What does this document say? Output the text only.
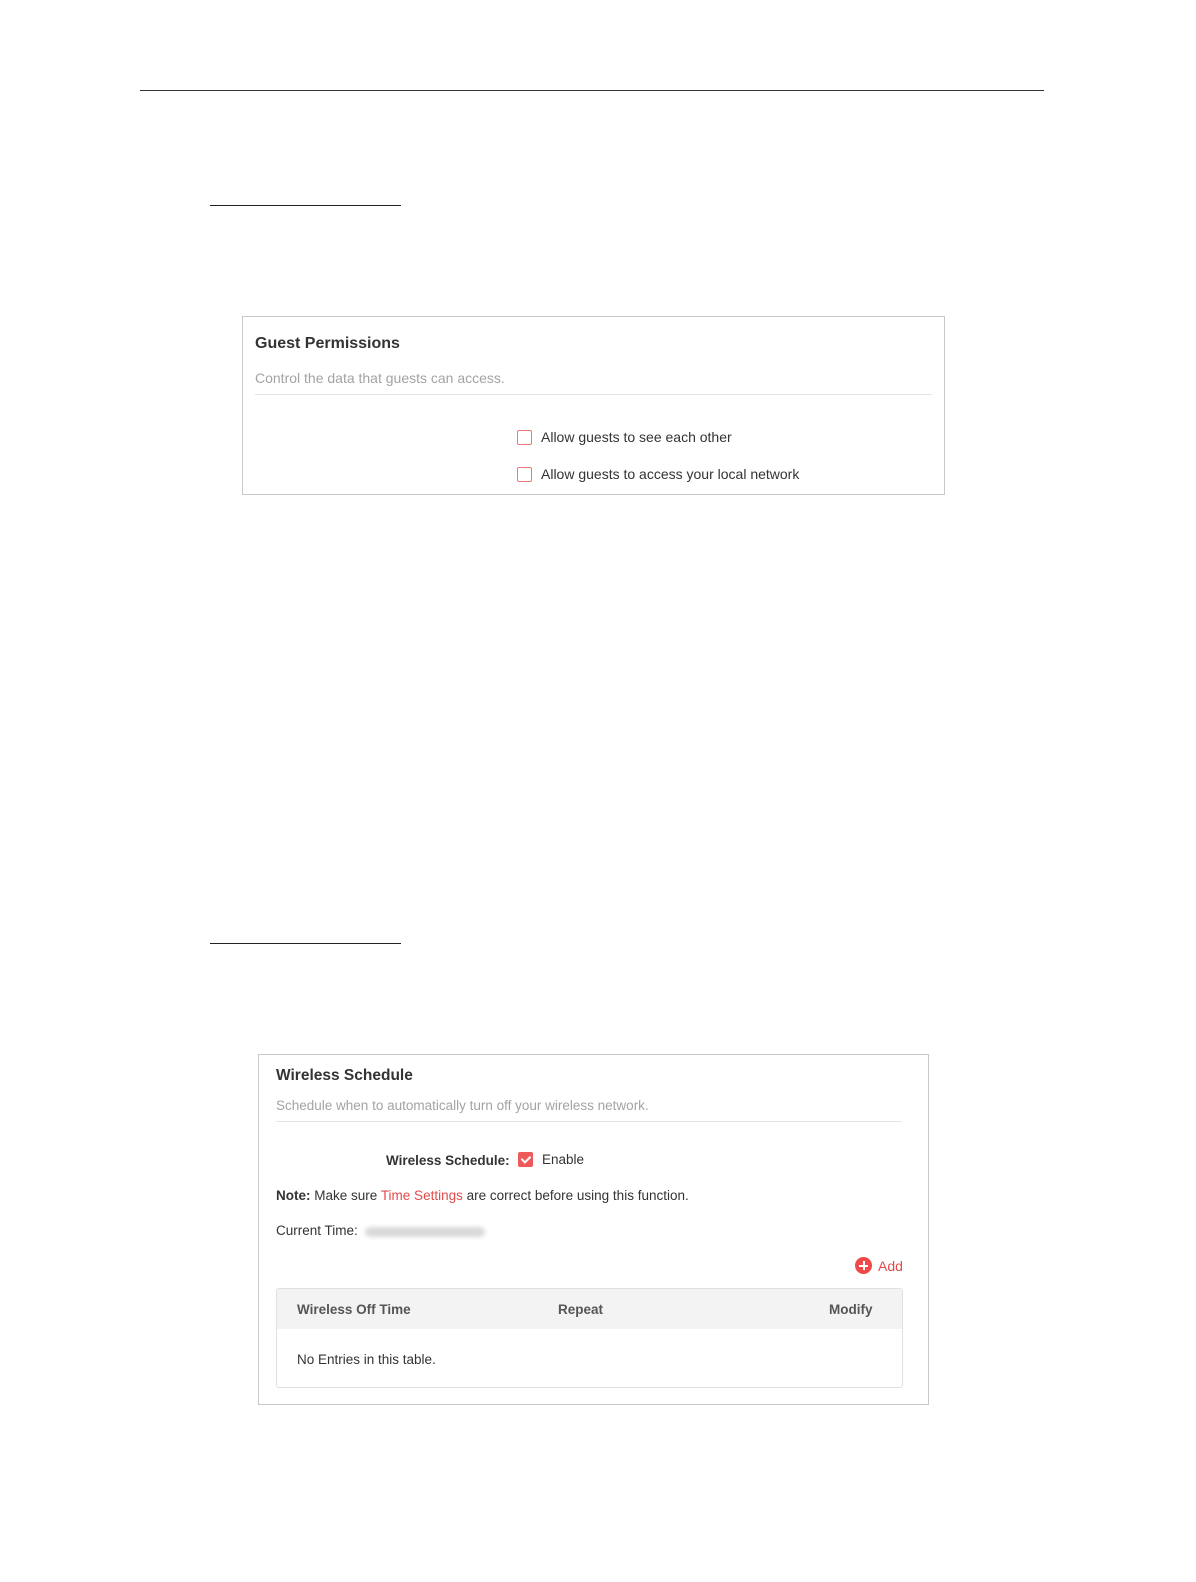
Guest Permissions
Control the data that guests can access.
Allow guests to see each other
Allow guests to access your local network
Wireless Schedule
Schedule when to automatically turn off your wireless network.
Wireless Schedule: Enable
Note: Make sure Time Settings are correct before using this function.
Current Time:
Add
Wireless Off Time	Repeat	Modify
No Entries in this table.
